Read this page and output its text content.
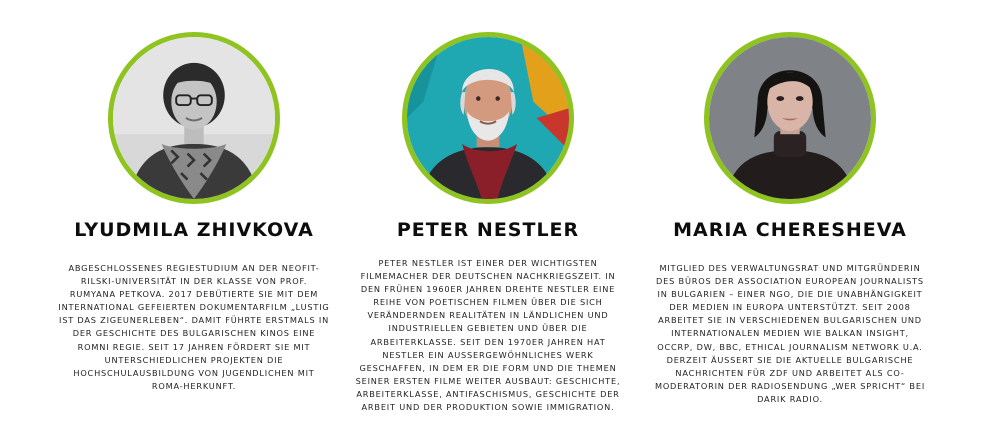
LYUDMILA ZHIVKOVA
ABGESCHLOSSENES REGIESTUDIUM AN DER NEOFIT-RILSKI-UNIVERSITÄT IN DER KLASSE VON PROF. RUMYANA PETKOVA. 2017 DEBÜTIERTE SIE MIT DEM INTERNATIONAL GEFEIERTEN DOKUMENTARFILM „LUSTIG IST DAS ZIGEUNERLEBEN“. DAMIT FÜHRTE ERSTMALS IN DER GESCHICHTE DES BULGARISCHEN KINOS EINE ROMNI REGIE. SEIT 17 JAHREN FÖRDERT SIE MIT UNTERSCHIEDLICHEN PROJEKTEN DIE HOCHSCHULAUSBILDUNG VON JUGENDLICHEN MIT ROMA-HERKUNFT.
PETER NESTLER
PETER NESTLER IST EINER DER WICHTIGSTEN FILMEMACHER DER DEUTSCHEN NACHKRIEGSZEIT. IN DEN FRÜHEN 1960ER JAHREN DREHTE NESTLER EINE REIHE VON POETISCHEN FILMEN ÜBER DIE SICH VERÄNDERNDEN REALITÄTEN IN LÄNDLICHEN UND INDUSTRIELLEN GEBIETEN UND ÜBER DIE ARBEITERKLASSE. SEIT DEN 1970ER JAHREN HAT NESTLER EIN AUSSERGEWÖHNLICHES WERK GESCHAFFEN, IN DEM ER DIE FORM UND DIE THEMEN SEINER ERSTEN FILME WEITER AUSBAUT: GESCHICHTE, ARBEITERKLASSE, ANTIFASCHISMUS, GESCHICHTE DER ARBEIT UND DER PRODUKTION SOWIE IMMIGRATION.
MARIA CHERESHEVA
MITGLIED DES VERWALTUNGSRAT UND MITGRÜNDERIN DES BÜROS DER ASSOCIATION EUROPEAN JOURNALISTS IN BULGARIEN – EINER NGO, DIE DIE UNABHÄNGIGKEIT DER MEDIEN IN EUROPA UNTERSTÜTZT. SEIT 2008 ARBEITET SIE IN VERSCHIEDENEN BULGARISCHEN UND INTERNATIONALEN MEDIEN WIE BALKAN INSIGHT, OCCRP, DW, BBC, ETHICAL JOURNALISM NETWORK U.A. DERZEIT ÄUSSERT SIE DIE AKTUELLE BULGARISCHE NACHRICHTEN FÜR ZDF UND ARBEITET ALS CO-MODERATORIN DER RADIOSENDUNG „WER SPRICHT“ BEI DARIK RADIO.
